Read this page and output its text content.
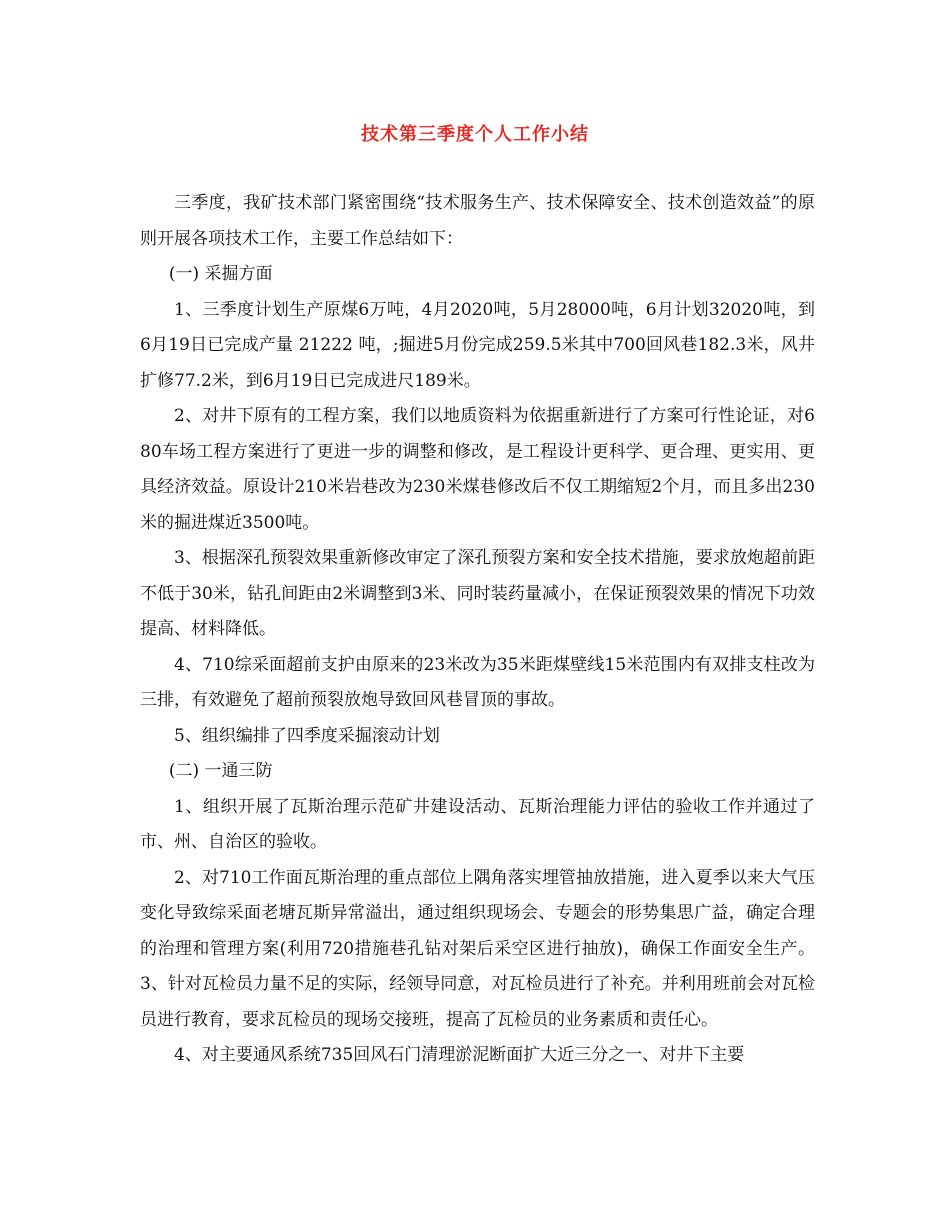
技术第三季度个人工作小结

三季度，我矿技术部门紧密围绕“技术服务生产、技术保障安全、技术创造效益”的原则开展各项技术工作，主要工作总结如下：

(一) 采掘方面

1、三季度计划生产原煤6万吨，4月2020吨，5月28000吨，6月计划32020吨，到6月19日已完成产量 21222 吨，;掘进5月份完成259.5米其中700回风巷182.3米，风井扩修77.2米，到6月19日已完成进尺189米。

2、对井下原有的工程方案，我们以地质资料为依据重新进行了方案可行性论证，对680车场工程方案进行了更进一步的调整和修改，是工程设计更科学、更合理、更实用、更具经济效益。原设计210米岩巷改为230米煤巷修改后不仅工期缩短2个月，而且多出230米的掘进煤近3500吨。

3、根据深孔预裂效果重新修改审定了深孔预裂方案和安全技术措施，要求放炮超前距不低于30米，钻孔间距由2米调整到3米、同时装药量减小，在保证预裂效果的情况下功效提高、材料降低。

4、710综采面超前支护由原来的23米改为35米距煤壁线15米范围内有双排支柱改为三排，有效避免了超前预裂放炮导致回风巷冒顶的事故。

5、组织编排了四季度采掘滚动计划

(二) 一通三防

1、组织开展了瓦斯治理示范矿井建设活动、瓦斯治理能力评估的验收工作并通过了市、州、自治区的验收。

2、对710工作面瓦斯治理的重点部位上隅角落实埋管抽放措施，进入夏季以来大气压变化导致综采面老塘瓦斯异常溢出，通过组织现场会、专题会的形势集思广益，确定合理的治理和管理方案(利用720措施巷孔钻对架后采空区进行抽放)，确保工作面安全生产。 3、针对瓦检员力量不足的实际，经领导同意，对瓦检员进行了补充。并利用班前会对瓦检员进行教育，要求瓦检员的现场交接班，提高了瓦检员的业务素质和责任心。

4、对主要通风系统735回风石门清理淤泥断面扩大近三分之一、对井下主要
